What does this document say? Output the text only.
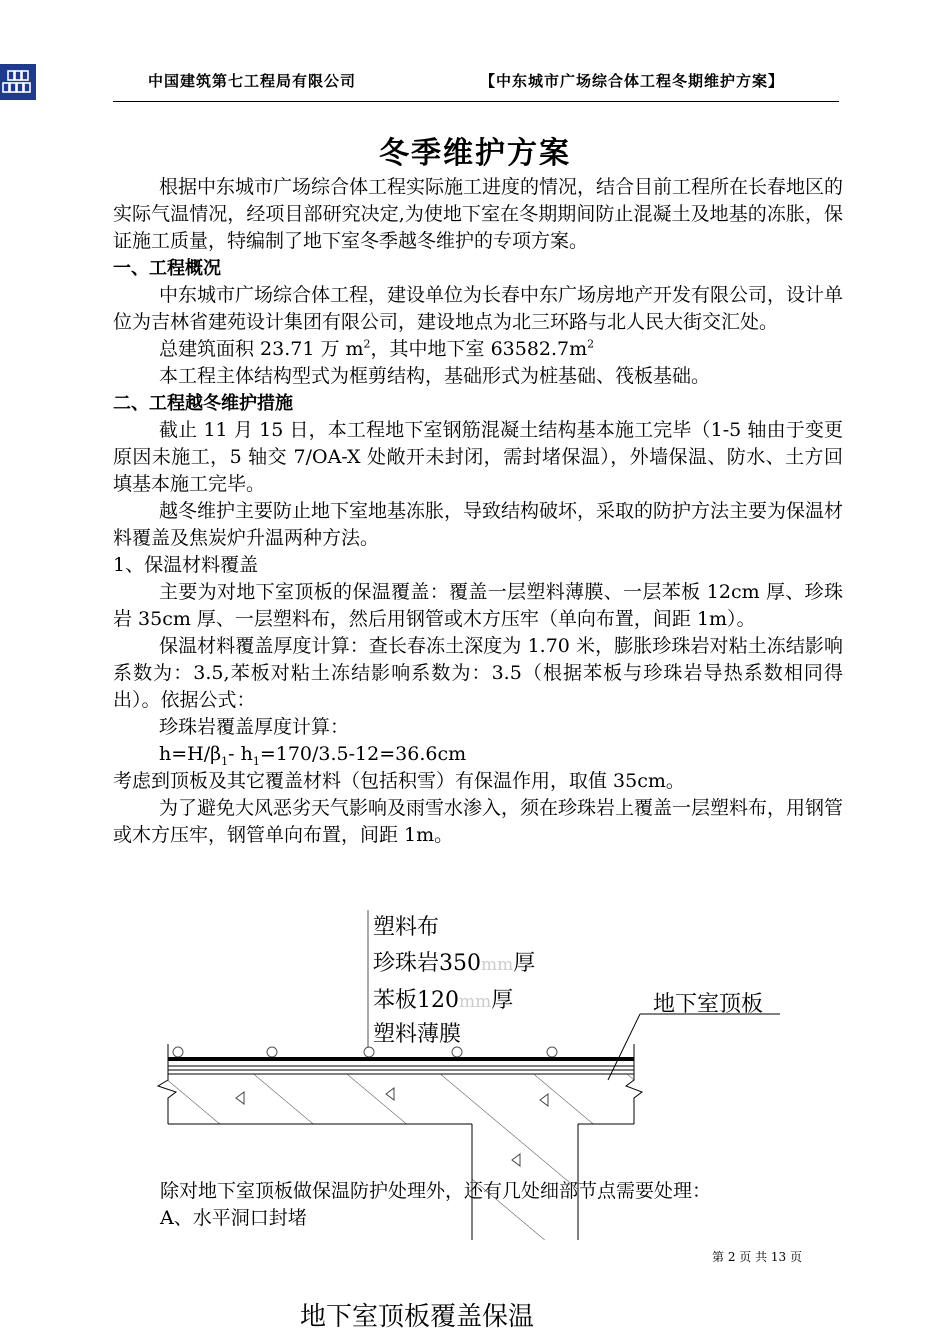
中国建筑第七工程局有限公司	【中东城市广场综合体工程冬期维护方案】
冬季维护方案

根据中东城市广场综合体工程实际施工进度的情况，结合目前工程所在长春地区的实际气温情况，经项目部研究决定,为使地下室在冬期期间防止混凝土及地基的冻胀，保证施工质量，特编制了地下室冬季越冬维护的专项方案。

一、工程概况

中东城市广场综合体工程，建设单位为长春中东广场房地产开发有限公司，设计单位为吉林省建苑设计集团有限公司，建设地点为北三环路与北人民大街交汇处。

总建筑面积 23.71 万 $m^2$，其中地下室 $63582.7m^2$

本工程主体结构型式为框剪结构，基础形式为桩基础、筏板基础。

二、工程越冬维护措施

截止 11 月 15 日，本工程地下室钢筋混凝土结构基本施工完毕（1-5 轴由于变更原因未施工，5 轴交 7/OA-X 处敞开未封闭，需封堵保温），外墙保温、防水、土方回填基本施工完毕。

越冬维护主要防止地下室地基冻胀，导致结构破坏，采取的防护方法主要为保温材料覆盖及焦炭炉升温两种方法。

1、保温材料覆盖

主要为对地下室顶板的保温覆盖：覆盖一层塑料薄膜、一层苯板 12cm 厚、珍珠岩 35cm 厚、一层塑料布，然后用钢管或木方压牢（单向布置，间距 1m）。

保温材料覆盖厚度计算：查长春冻土深度为 1.70 米，膨胀珍珠岩对粘土冻结影响系数为：3.5,苯板对粘土冻结影响系数为：3.5（根据苯板与珍珠岩导热系数相同得出）。依据公式：

珍珠岩覆盖厚度计算：

$h=H/\beta_1-$ $h_1=170/3.5-12=36.6cm$

考虑到顶板及其它覆盖材料（包括积雪）有保温作用，取值 35cm。

为了避免大风恶劣天气影响及雨雪水渗入，须在珍珠岩上覆盖一层塑料布，用钢管或木方压牢，钢管单向布置，间距 1m。

塑料布
珍珠岩350mm厚
苯板120mm厚
塑料薄膜
地下室顶板
除对地下室顶板做保温防护处理外，还有几处细部节点需要处理：
A、水平洞口封堵
第 2 页 共 13 页
地下室顶板覆盖保温
